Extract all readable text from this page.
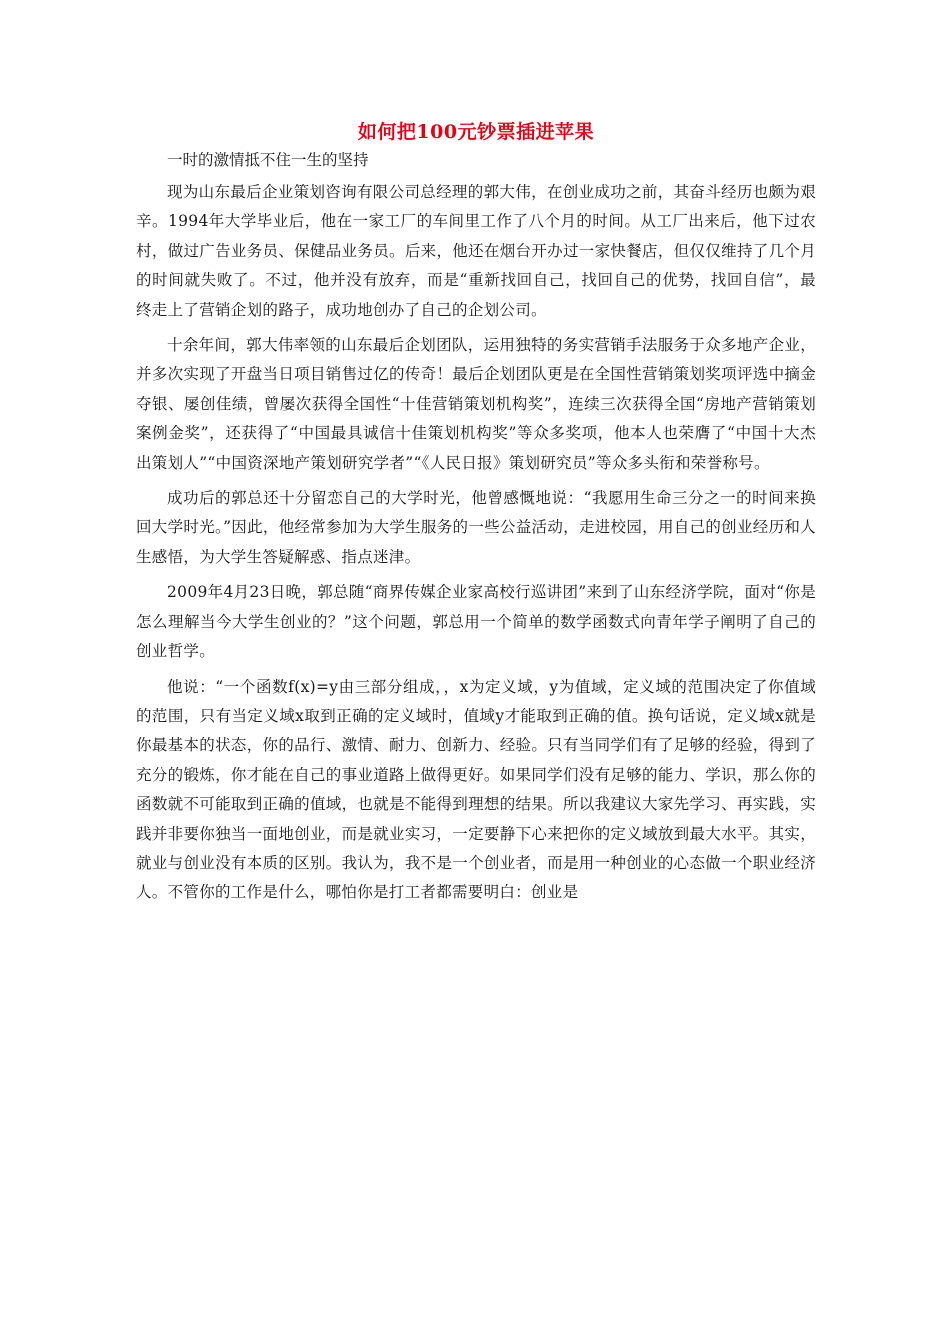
如何把100元钞票插进苹果

一时的激情抵不住一生的坚持

现为山东最后企业策划咨询有限公司总经理的郭大伟，在创业成功之前，其奋斗经历也颇为艰辛。1994年大学毕业后，他在一家工厂的车间里工作了八个月的时间。从工厂出来后，他下过农村，做过广告业务员、保健品业务员。后来，他还在烟台开办过一家快餐店，但仅仅维持了几个月的时间就失败了。不过，他并没有放弃，而是“重新找回自己，找回自己的优势，找回自信”，最终走上了营销企划的路子，成功地创办了自己的企划公司。

十余年间，郭大伟率领的山东最后企划团队，运用独特的务实营销手法服务于众多地产企业，并多次实现了开盘当日项目销售过亿的传奇！最后企划团队更是在全国性营销策划奖项评选中摘金夺银、屡创佳绩，曾屡次获得全国性“十佳营销策划机构奖”，连续三次获得全国“房地产营销策划案例金奖”，还获得了“中国最具诚信十佳策划机构奖”等众多奖项，他本人也荣膺了“中国十大杰出策划人”“中国资深地产策划研究学者”“《人民日报》策划研究员”等众多头衔和荣誉称号。

成功后的郭总还十分留恋自己的大学时光，他曾感慨地说：“我愿用生命三分之一的时间来换回大学时光。”因此，他经常参加为大学生服务的一些公益活动，走进校园，用自己的创业经历和人生感悟，为大学生答疑解惑、指点迷津。

2009年4月23日晚，郭总随“商界传媒企业家高校行巡讲团”来到了山东经济学院，面对“你是怎么理解当今大学生创业的？”这个问题，郭总用一个简单的数学函数式向青年学子阐明了自己的创业哲学。

他说：“一个函数f(x)=y由三部分组成，，x为定义域，y为值域，定义域的范围决定了你值域的范围，只有当定义域x取到正确的定义域时，值域y才能取到正确的值。换句话说，定义域x就是你最基本的状态，你的品行、激情、耐力、创新力、经验。只有当同学们有了足够的经验，得到了充分的锻炼，你才能在自己的事业道路上做得更好。如果同学们没有足够的能力、学识，那么你的函数就不可能取到正确的值域，也就是不能得到理想的结果。所以我建议大家先学习、再实践，实践并非要你独当一面地创业，而是就业实习，一定要静下心来把你的定义域放到最大水平。其实，就业与创业没有本质的区别。我认为，我不是一个创业者，而是用一种创业的心态做一个职业经济人。不管你的工作是什么，哪怕你是打工者都需要明白：创业是
